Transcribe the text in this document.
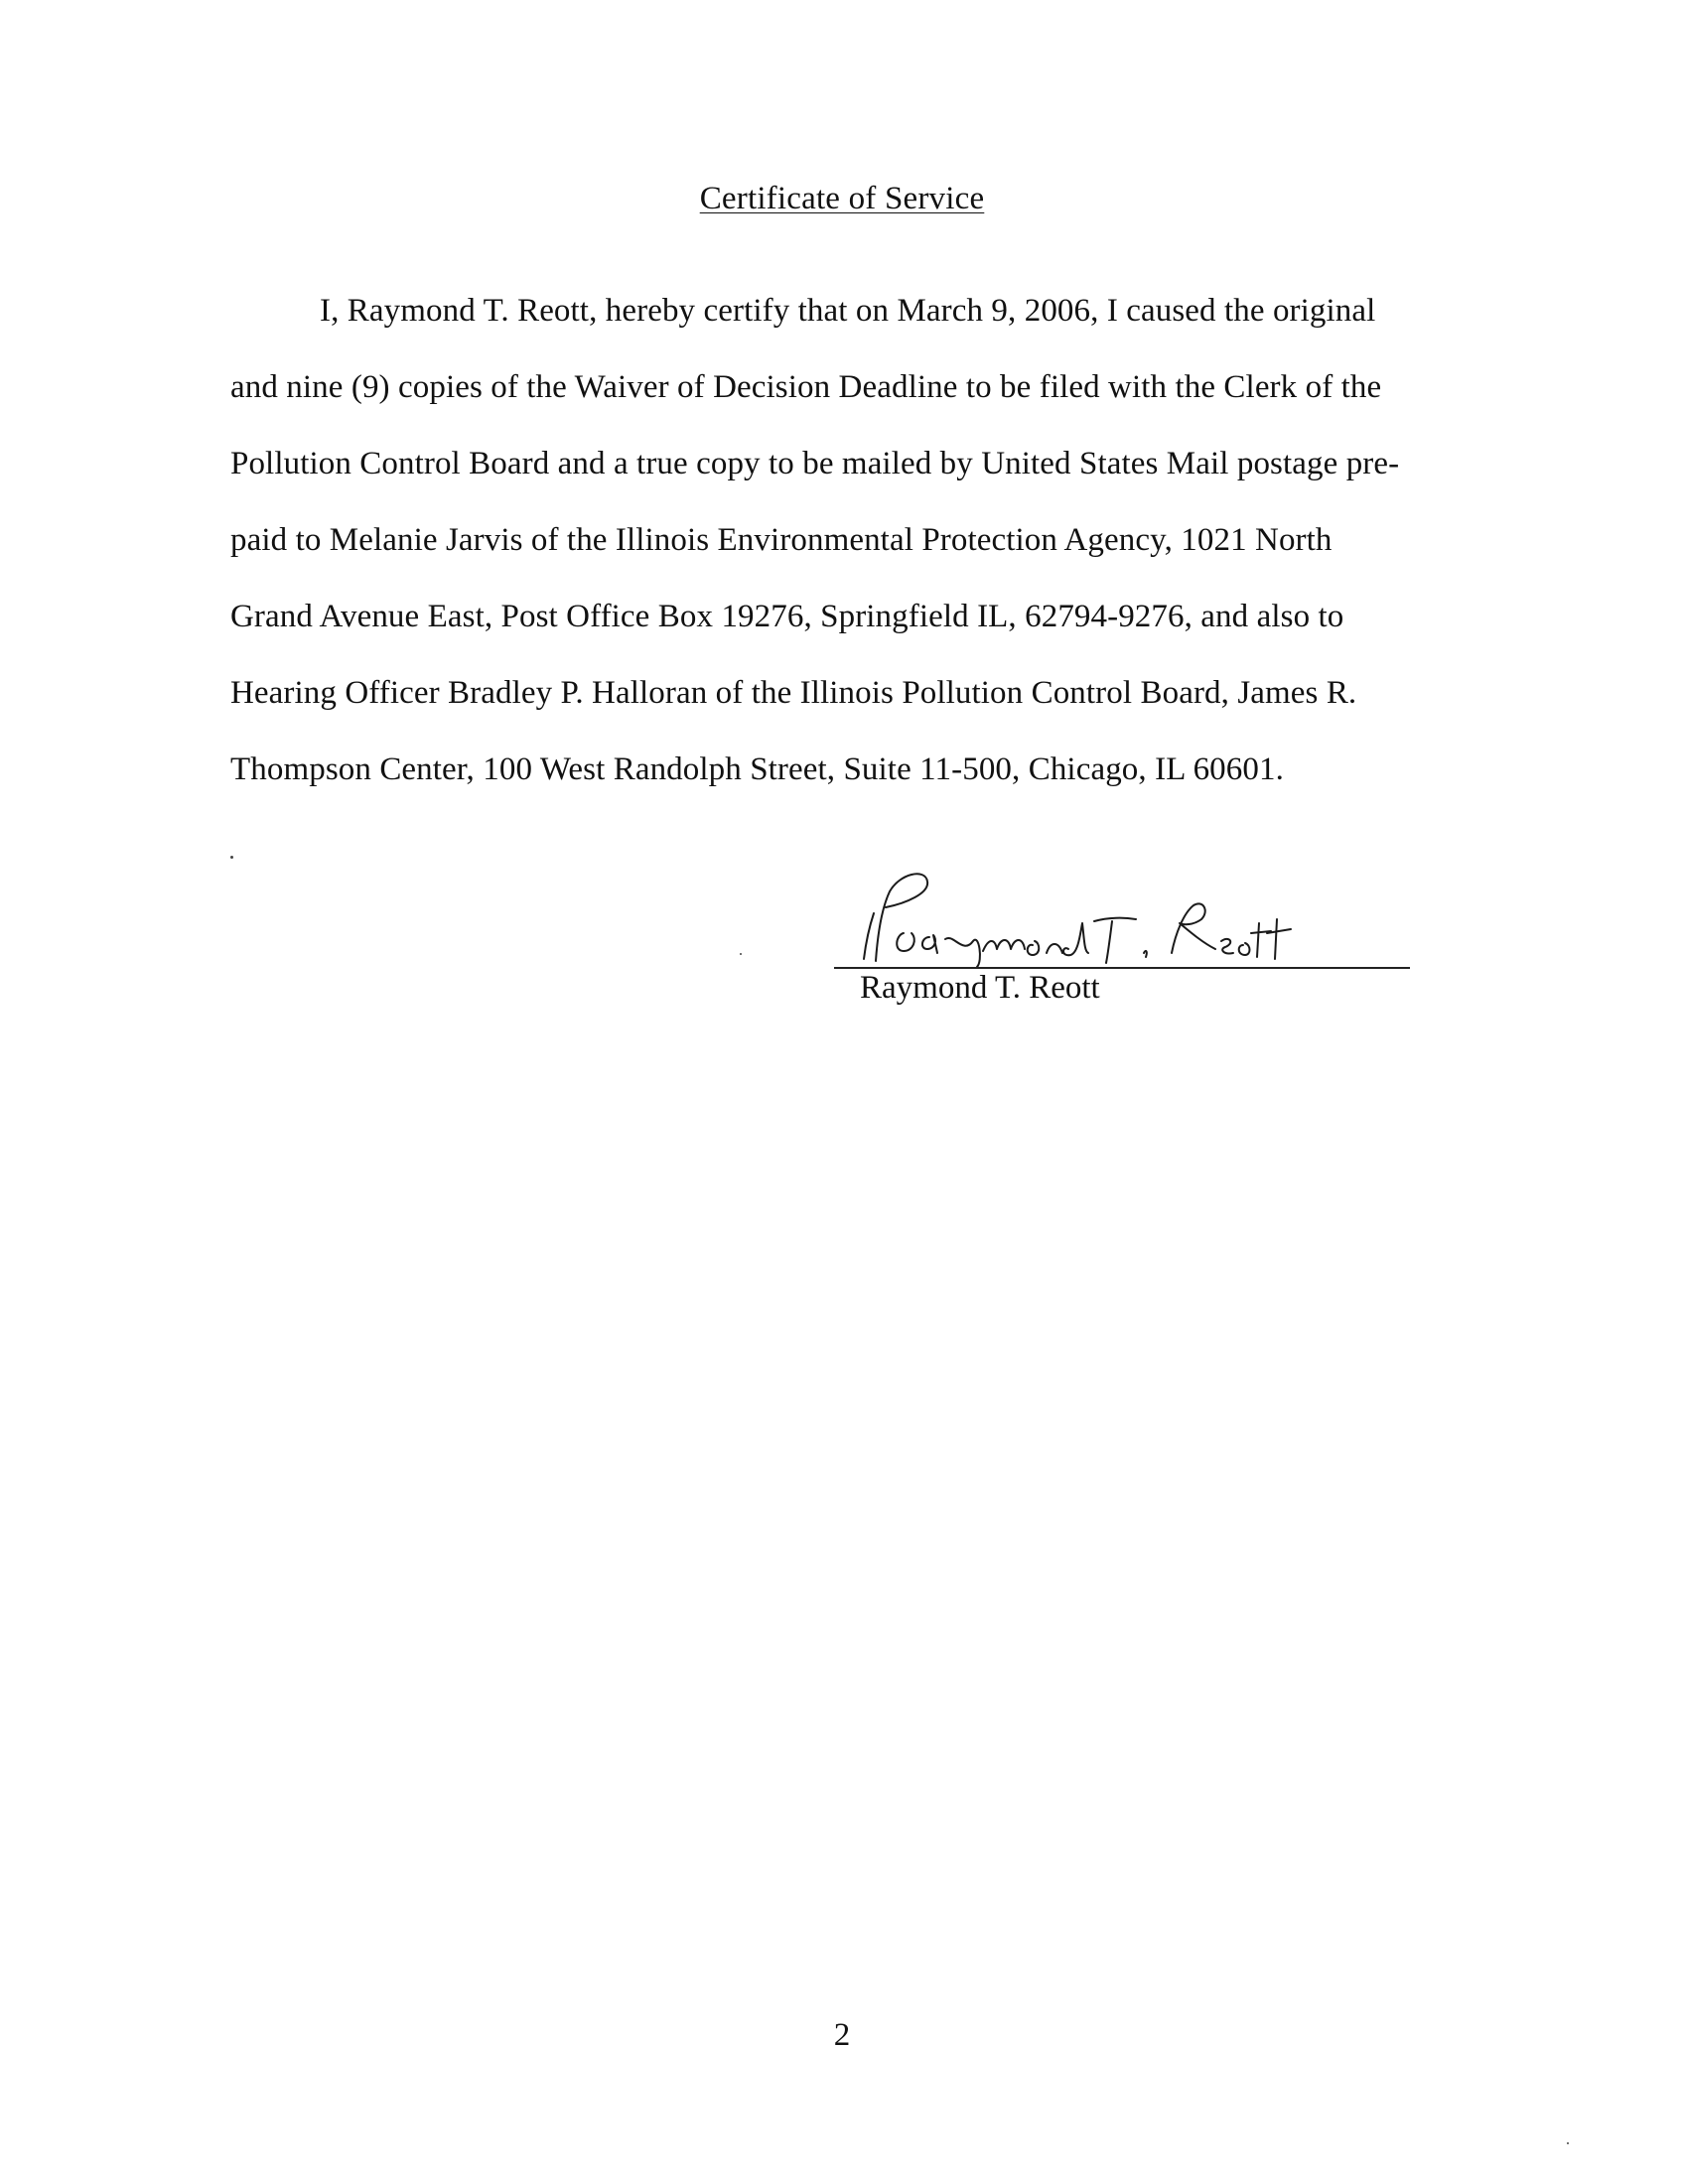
Certificate of Service
I, Raymond T. Reott, hereby certify that on March 9, 2006, I caused the original
and nine (9) copies of the Waiver of Decision Deadline to be filed with the Clerk of the
Pollution Control Board and a true copy to be mailed by United States Mail postage pre-
paid to Melanie Jarvis of the Illinois Environmental Protection Agency, 1021 North
Grand Avenue East, Post Office Box 19276, Springfield IL, 62794-9276, and also to
Hearing Officer Bradley P. Halloran of the Illinois Pollution Control Board, James R.
Thompson Center, 100 West Randolph Street, Suite 11-500, Chicago, IL 60601.
Raymond T. Reott
2
